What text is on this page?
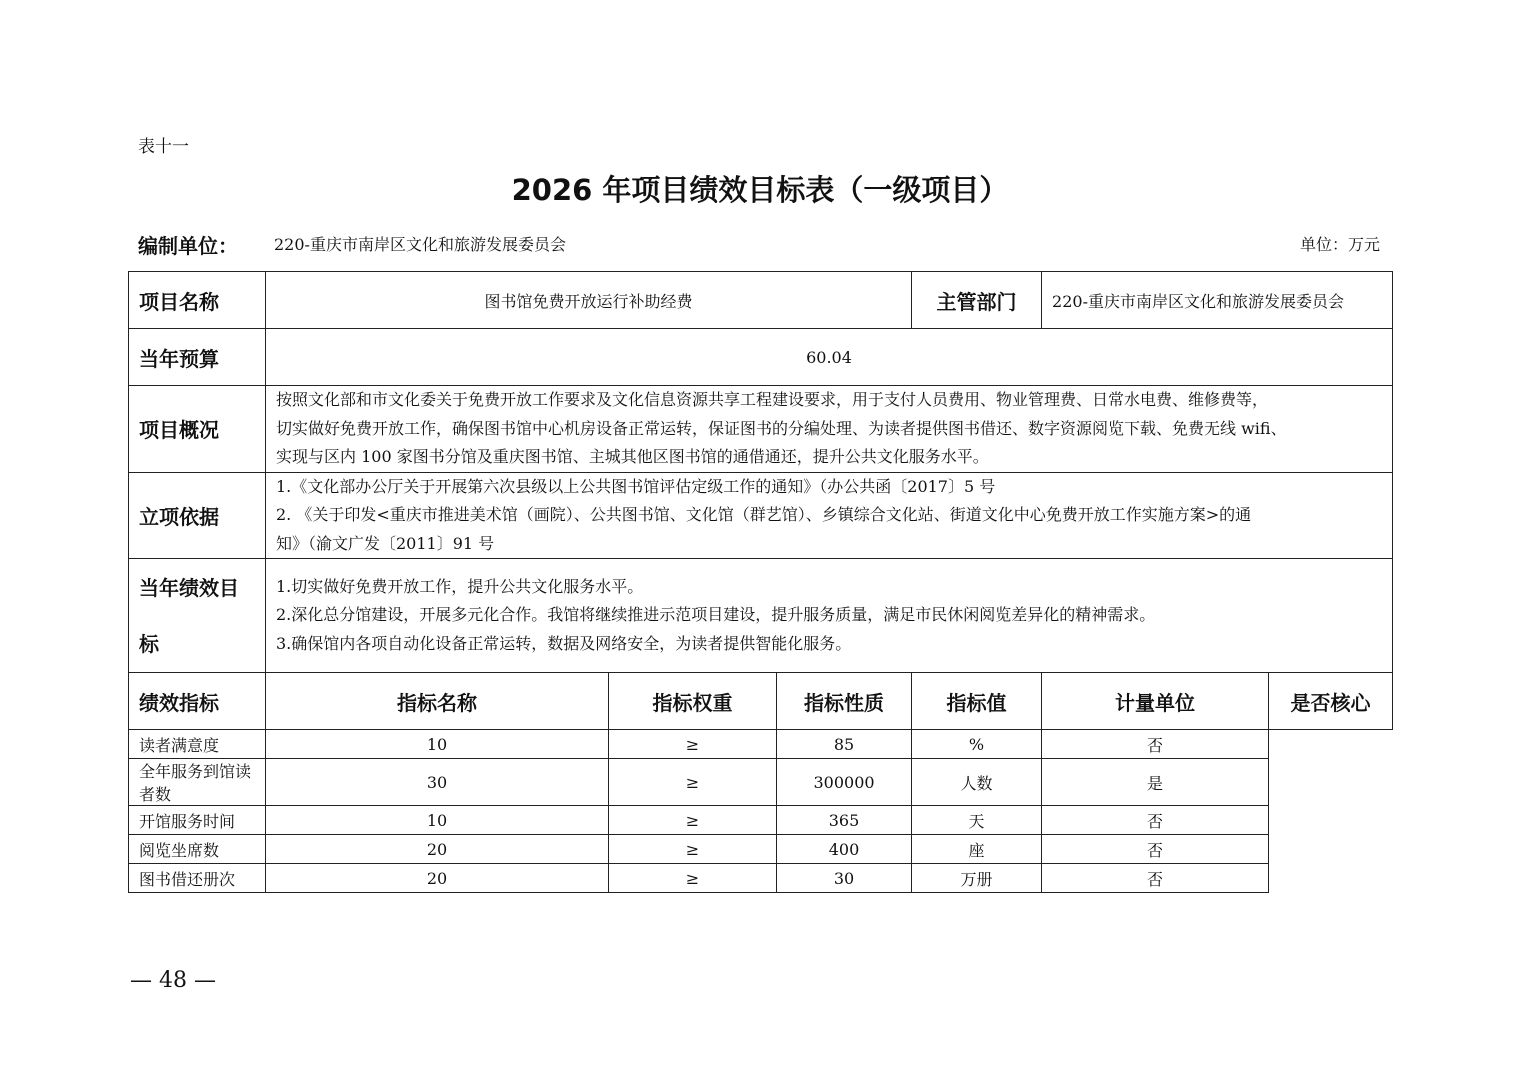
表十一
2026 年项目绩效目标表（一级项目）
编制单位： 220-重庆市南岸区文化和旅游发展委员会	单位：万元
项目名称	图书馆免费开放运行补助经费			主管部门	220-重庆市南岸区文化和旅游发展委员会	
当年预算	60.04					
项目概况	按照文化部和市文化委关于免费开放工作要求及文化信息资源共享工程建设要求，用于支付人员费用、物业管理费、日常水电费、维修费等，
切实做好免费开放工作，确保图书馆中心机房设备正常运转，保证图书的分编处理、为读者提供图书借还、数字资源阅览下载、免费无线 wifi、
实现与区内 100 家图书分馆及重庆图书馆、主城其他区图书馆的通借通还，提升公共文化服务水平。					

立项依据	1.《文化部办公厅关于开展第六次县级以上公共图书馆评估定级工作的通知》（办公共函〔2017〕5 号
2. 《关于印发<重庆市推进美术馆（画院）、公共图书馆、文化馆（群艺馆）、乡镇综合文化站、街道文化中心免费开放工作实施方案>的通
知》（渝文广发〔2011〕91 号					

当年绩效目标	1.切实做好免费开放工作，提升公共文化服务水平。
2.深化总分馆建设，开展多元化合作。我馆将继续推进示范项目建设，提升服务质量，满足市民休闲阅览差异化的精神需求。
3.确保馆内各项自动化设备正常运转，数据及网络安全，为读者提供智能化服务。					

绩效指标	指标名称	指标权重	指标性质	指标值	计量单位	是否核心
读者满意度	10	≥	85	%	否	
全年服务到馆读者数	30	≥	300000	人数	是	
开馆服务时间	10	≥	365	天	否	
阅览坐席数	20	≥	400	座	否	
图书借还册次	20	≥	30	万册	否	
— 48 —
